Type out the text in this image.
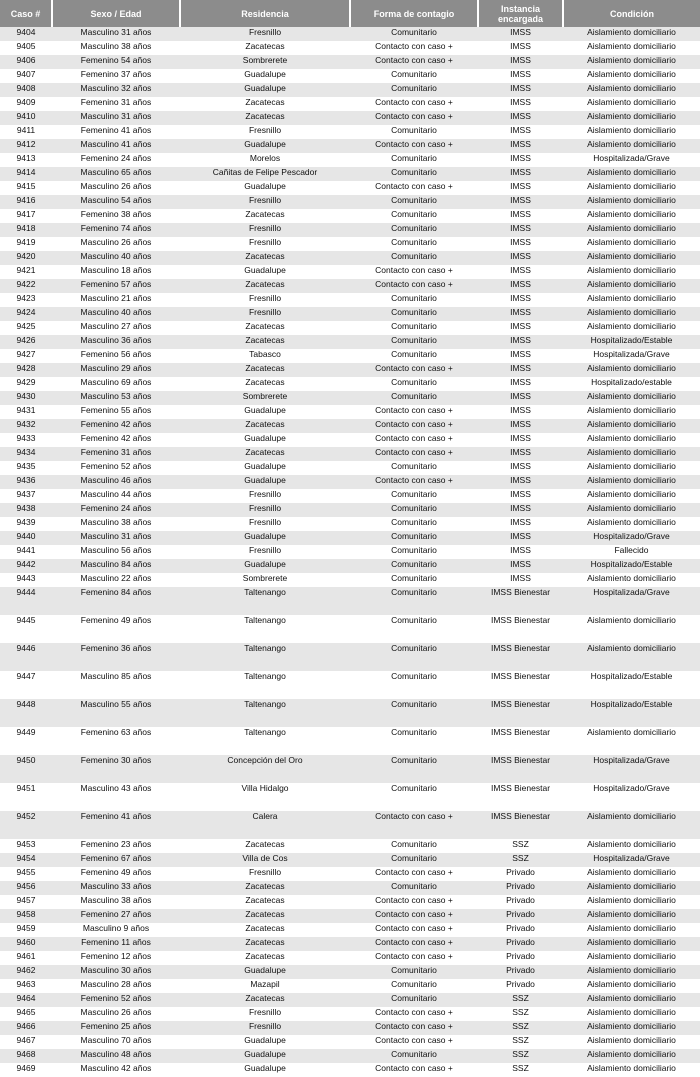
Caso #	Sexo / Edad	Residencia	Forma de contagio	Instancia encargada	Condición
9404	Masculino 31 años	Fresnillo	Comunitario	IMSS	Aislamiento domiciliario
9405	Masculino 38 años	Zacatecas	Contacto con caso +	IMSS	Aislamiento domiciliario
9406	Femenino 54 años	Sombrerete	Contacto con caso +	IMSS	Aislamiento domiciliario
9407	Femenino 37 años	Guadalupe	Comunitario	IMSS	Aislamiento domiciliario
9408	Masculino 32 años	Guadalupe	Comunitario	IMSS	Aislamiento domiciliario
9409	Femenino 31 años	Zacatecas	Contacto con caso +	IMSS	Aislamiento domiciliario
9410	Masculino 31 años	Zacatecas	Contacto con caso +	IMSS	Aislamiento domiciliario
9411	Femenino 41 años	Fresnillo	Comunitario	IMSS	Aislamiento domiciliario
9412	Masculino 41 años	Guadalupe	Contacto con caso +	IMSS	Aislamiento domiciliario
9413	Femenino 24 años	Morelos	Comunitario	IMSS	Hospitalizada/Grave
9414	Masculino 65 años	Cañitas de Felipe Pescador	Comunitario	IMSS	Aislamiento domiciliario
9415	Masculino 26 años	Guadalupe	Contacto con caso +	IMSS	Aislamiento domiciliario
9416	Masculino 54 años	Fresnillo	Comunitario	IMSS	Aislamiento domiciliario
9417	Femenino 38 años	Zacatecas	Comunitario	IMSS	Aislamiento domiciliario
9418	Femenino 74 años	Fresnillo	Comunitario	IMSS	Aislamiento domiciliario
9419	Masculino 26 años	Fresnillo	Comunitario	IMSS	Aislamiento domiciliario
9420	Masculino 40 años	Zacatecas	Comunitario	IMSS	Aislamiento domiciliario
9421	Masculino 18 años	Guadalupe	Contacto con caso +	IMSS	Aislamiento domiciliario
9422	Femenino 57 años	Zacatecas	Contacto con caso +	IMSS	Aislamiento domiciliario
9423	Masculino 21 años	Fresnillo	Comunitario	IMSS	Aislamiento domiciliario
9424	Masculino 40 años	Fresnillo	Comunitario	IMSS	Aislamiento domiciliario
9425	Masculino 27 años	Zacatecas	Comunitario	IMSS	Aislamiento domiciliario
9426	Masculino 36 años	Zacatecas	Comunitario	IMSS	Hospitalizado/Estable
9427	Femenino 56 años	Tabasco	Comunitario	IMSS	Hospitalizada/Grave
9428	Masculino 29 años	Zacatecas	Contacto con caso +	IMSS	Aislamiento domiciliario
9429	Masculino 69 años	Zacatecas	Comunitario	IMSS	Hospitalizado/estable
9430	Masculino 53 años	Sombrerete	Comunitario	IMSS	Aislamiento domiciliario
9431	Femenino 55 años	Guadalupe	Contacto con caso +	IMSS	Aislamiento domiciliario
9432	Femenino 42 años	Zacatecas	Contacto con caso +	IMSS	Aislamiento domiciliario
9433	Femenino 42 años	Guadalupe	Contacto con caso +	IMSS	Aislamiento domiciliario
9434	Femenino 31 años	Zacatecas	Contacto con caso +	IMSS	Aislamiento domiciliario
9435	Femenino 52 años	Guadalupe	Comunitario	IMSS	Aislamiento domiciliario
9436	Masculino 46 años	Guadalupe	Contacto con caso +	IMSS	Aislamiento domiciliario
9437	Masculino 44 años	Fresnillo	Comunitario	IMSS	Aislamiento domiciliario
9438	Femenino 24 años	Fresnillo	Comunitario	IMSS	Aislamiento domiciliario
9439	Masculino 38 años	Fresnillo	Comunitario	IMSS	Aislamiento domiciliario
9440	Masculino 31 años	Guadalupe	Comunitario	IMSS	Hospitalizado/Grave
9441	Masculino 56 años	Fresnillo	Comunitario	IMSS	Fallecido
9442	Masculino 84 años	Guadalupe	Comunitario	IMSS	Hospitalizado/Estable
9443	Masculino 22 años	Sombrerete	Comunitario	IMSS	Aislamiento domiciliario
9444	Femenino 84 años	Taltenango	Comunitario	IMSS Bienestar	Hospitalizada/Grave
9445	Femenino 49 años	Taltenango	Comunitario	IMSS Bienestar	Aislamiento domiciliario
9446	Femenino 36 años	Taltenango	Comunitario	IMSS Bienestar	Aislamiento domiciliario
9447	Masculino 85 años	Taltenango	Comunitario	IMSS Bienestar	Hospitalizado/Estable
9448	Masculino 55 años	Taltenango	Comunitario	IMSS Bienestar	Hospitalizado/Estable
9449	Femenino 63 años	Taltenango	Comunitario	IMSS Bienestar	Aislamiento domiciliario
9450	Femenino 30 años	Concepción del Oro	Comunitario	IMSS Bienestar	Hospitalizada/Grave
9451	Masculino 43 años	Villa Hidalgo	Comunitario	IMSS Bienestar	Hospitalizado/Grave
9452	Femenino 41 años	Calera	Contacto con caso +	IMSS Bienestar	Aislamiento domiciliario
9453	Femenino 23 años	Zacatecas	Comunitario	SSZ	Aislamiento domiciliario
9454	Femenino 67 años	Villa de Cos	Comunitario	SSZ	Hospitalizada/Grave
9455	Femenino 49 años	Fresnillo	Contacto con caso +	Privado	Aislamiento domiciliario
9456	Masculino 33 años	Zacatecas	Comunitario	Privado	Aislamiento domiciliario
9457	Masculino 38 años	Zacatecas	Contacto con caso +	Privado	Aislamiento domiciliario
9458	Femenino 27 años	Zacatecas	Contacto con caso +	Privado	Aislamiento domiciliario
9459	Masculino 9 años	Zacatecas	Contacto con caso +	Privado	Aislamiento domiciliario
9460	Femenino 11 años	Zacatecas	Contacto con caso +	Privado	Aislamiento domiciliario
9461	Femenino 12 años	Zacatecas	Contacto con caso +	Privado	Aislamiento domiciliario
9462	Masculino 30 años	Guadalupe	Comunitario	Privado	Aislamiento domiciliario
9463	Masculino 28 años	Mazapil	Comunitario	Privado	Aislamiento domiciliario
9464	Femenino 52 años	Zacatecas	Comunitario	SSZ	Aislamiento domiciliario
9465	Masculino 26 años	Fresnillo	Contacto con caso +	SSZ	Aislamiento domiciliario
9466	Femenino 25 años	Fresnillo	Contacto con caso +	SSZ	Aislamiento domiciliario
9467	Masculino 70 años	Guadalupe	Contacto con caso +	SSZ	Aislamiento domiciliario
9468	Masculino 48 años	Guadalupe	Comunitario	SSZ	Aislamiento domiciliario
9469	Masculino 42 años	Guadalupe	Contacto con caso +	SSZ	Aislamiento domiciliario
